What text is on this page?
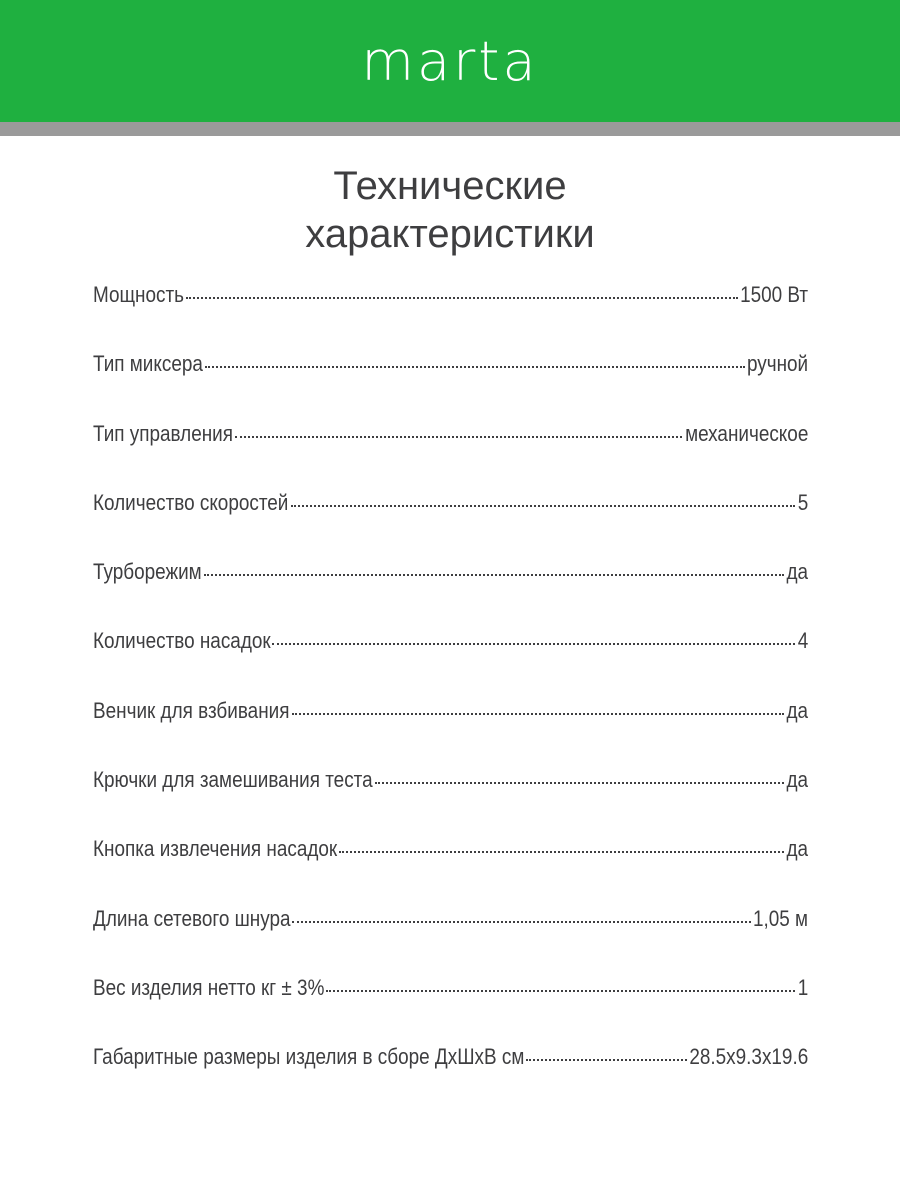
marta
Технические
характеристики
Мощность	1500 Вт
Тип миксера	ручной
Тип управления	механическое
Количество скоростей	5
Турборежим	да
Количество насадок	4
Венчик для взбивания	да
Крючки для замешивания теста	да
Кнопка извлечения насадок	да
Длина сетевого шнура	1,05 м
Вес изделия нетто кг ± 3%	1
Габаритные размеры изделия в сборе ДхШхВ см	28.5x9.3x19.6
